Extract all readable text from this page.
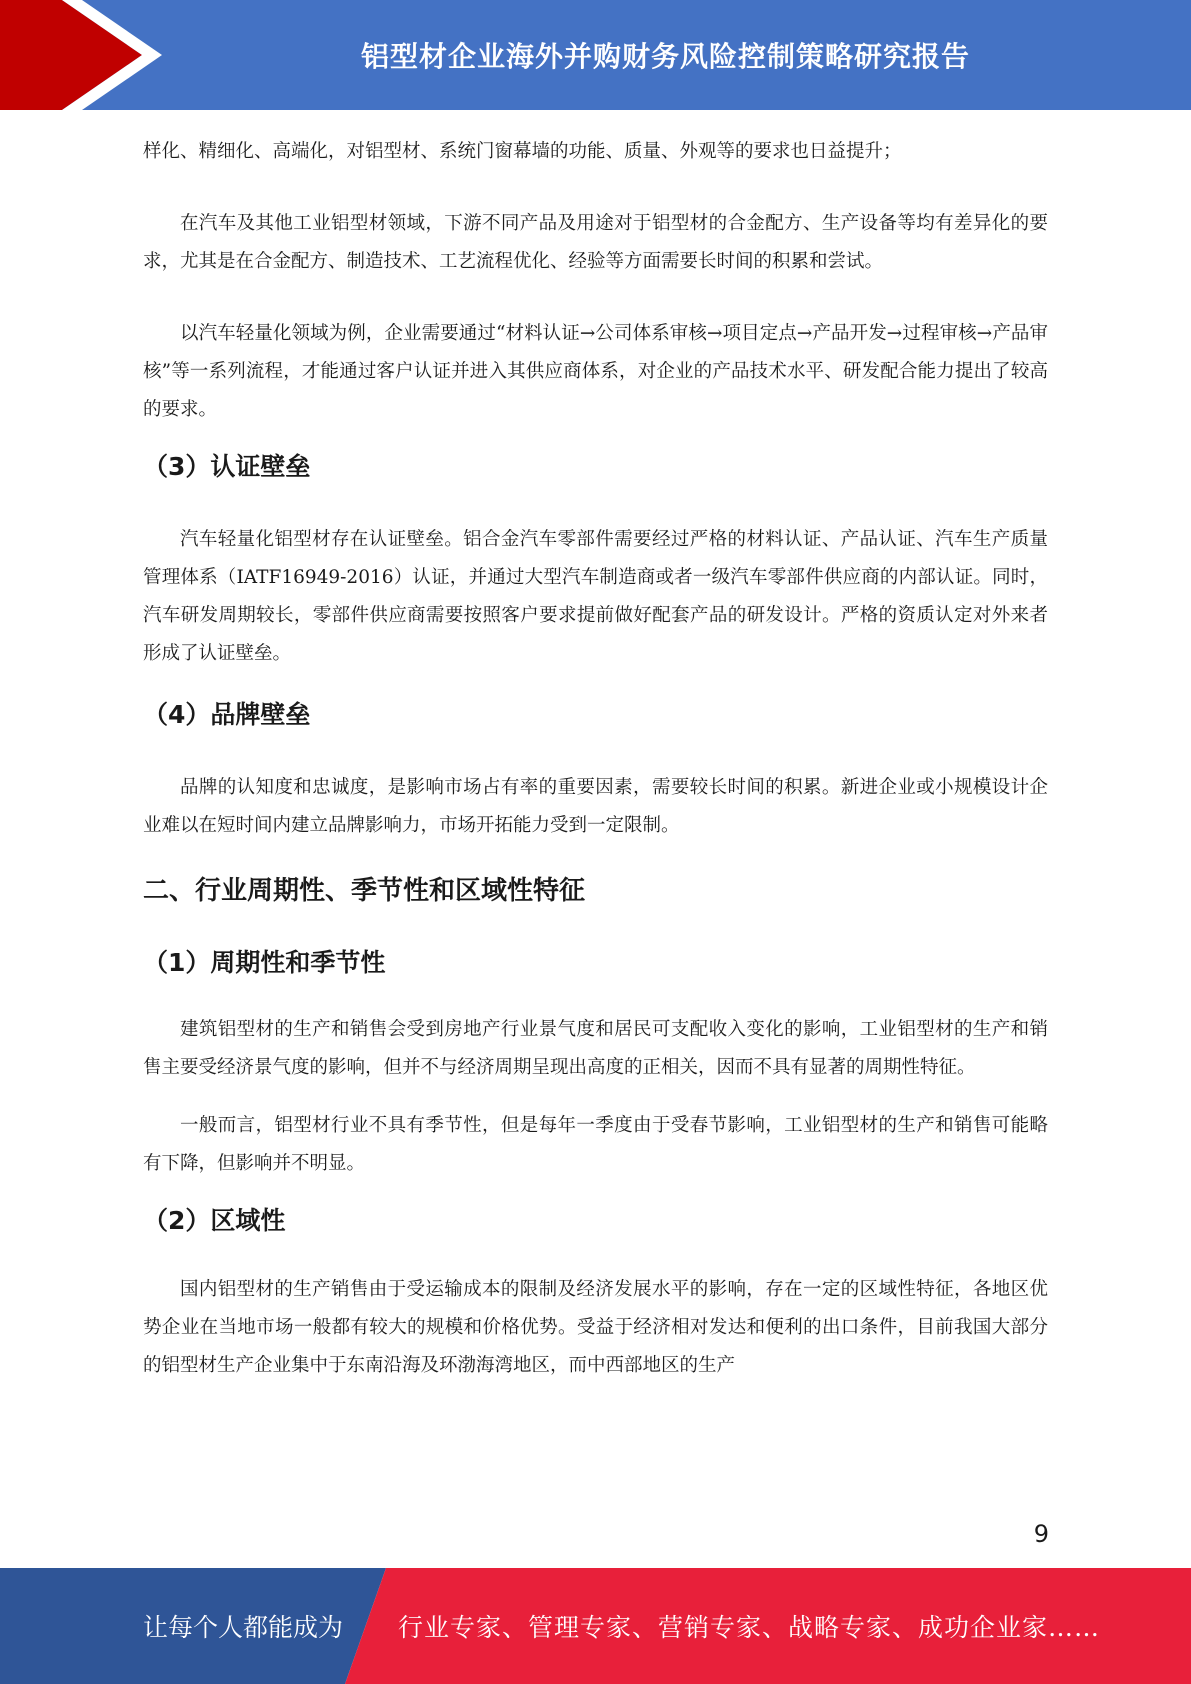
铝型材企业海外并购财务风险控制策略研究报告

样化、精细化、高端化，对铝型材、系统门窗幕墙的功能、质量、外观等的要求也日益提升；

在汽车及其他工业铝型材领域，下游不同产品及用途对于铝型材的合金配方、生产设备等均有差异化的要求，尤其是在合金配方、制造技术、工艺流程优化、经验等方面需要长时间的积累和尝试。

以汽车轻量化领域为例，企业需要通过“材料认证→公司体系审核→项目定点→产品开发→过程审核→产品审核”等一系列流程，才能通过客户认证并进入其供应商体系，对企业的产品技术水平、研发配合能力提出了较高的要求。

（3）认证壁垒

汽车轻量化铝型材存在认证壁垒。铝合金汽车零部件需要经过严格的材料认证、产品认证、汽车生产质量管理体系（IATF16949-2016）认证，并通过大型汽车制造商或者一级汽车零部件供应商的内部认证。同时，汽车研发周期较长，零部件供应商需要按照客户要求提前做好配套产品的研发设计。严格的资质认定对外来者形成了认证壁垒。

（4）品牌壁垒

品牌的认知度和忠诚度，是影响市场占有率的重要因素，需要较长时间的积累。新进企业或小规模设计企业难以在短时间内建立品牌影响力，市场开拓能力受到一定限制。

二、行业周期性、季节性和区域性特征
（1）周期性和季节性

建筑铝型材的生产和销售会受到房地产行业景气度和居民可支配收入变化的影响，工业铝型材的生产和销售主要受经济景气度的影响，但并不与经济周期呈现出高度的正相关，因而不具有显著的周期性特征。

一般而言，铝型材行业不具有季节性，但是每年一季度由于受春节影响，工业铝型材的生产和销售可能略有下降，但影响并不明显。

（2）区域性

国内铝型材的生产销售由于受运输成本的限制及经济发展水平的影响，存在一定的区域性特征，各地区优势企业在当地市场一般都有较大的规模和价格优势。受益于经济相对发达和便利的出口条件，目前我国大部分的铝型材生产企业集中于东南沿海及环渤海湾地区，而中西部地区的生产

9
让每个人都能成为 行业专家、管理专家、营销专家、战略专家、成功企业家……
